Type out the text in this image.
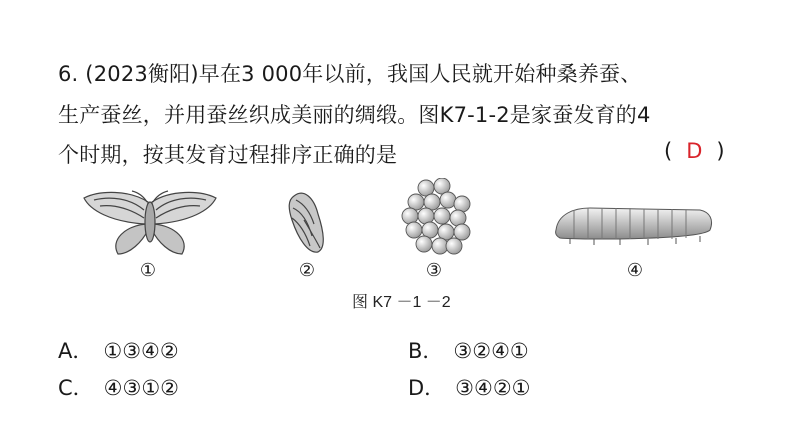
6. (2023衡阳)早在3 000年以前，我国人民就开始种桑养蚕、
生产蚕丝，并用蚕丝织成美丽的绸缎。图K7-1-2是家蚕发育的4
个时期，按其发育过程排序正确的是	( D )
①	②	③	④
图 K7 －1 －2
A． ①③④②	B． ③②④①
C． ④③①②	D． ③④②①
